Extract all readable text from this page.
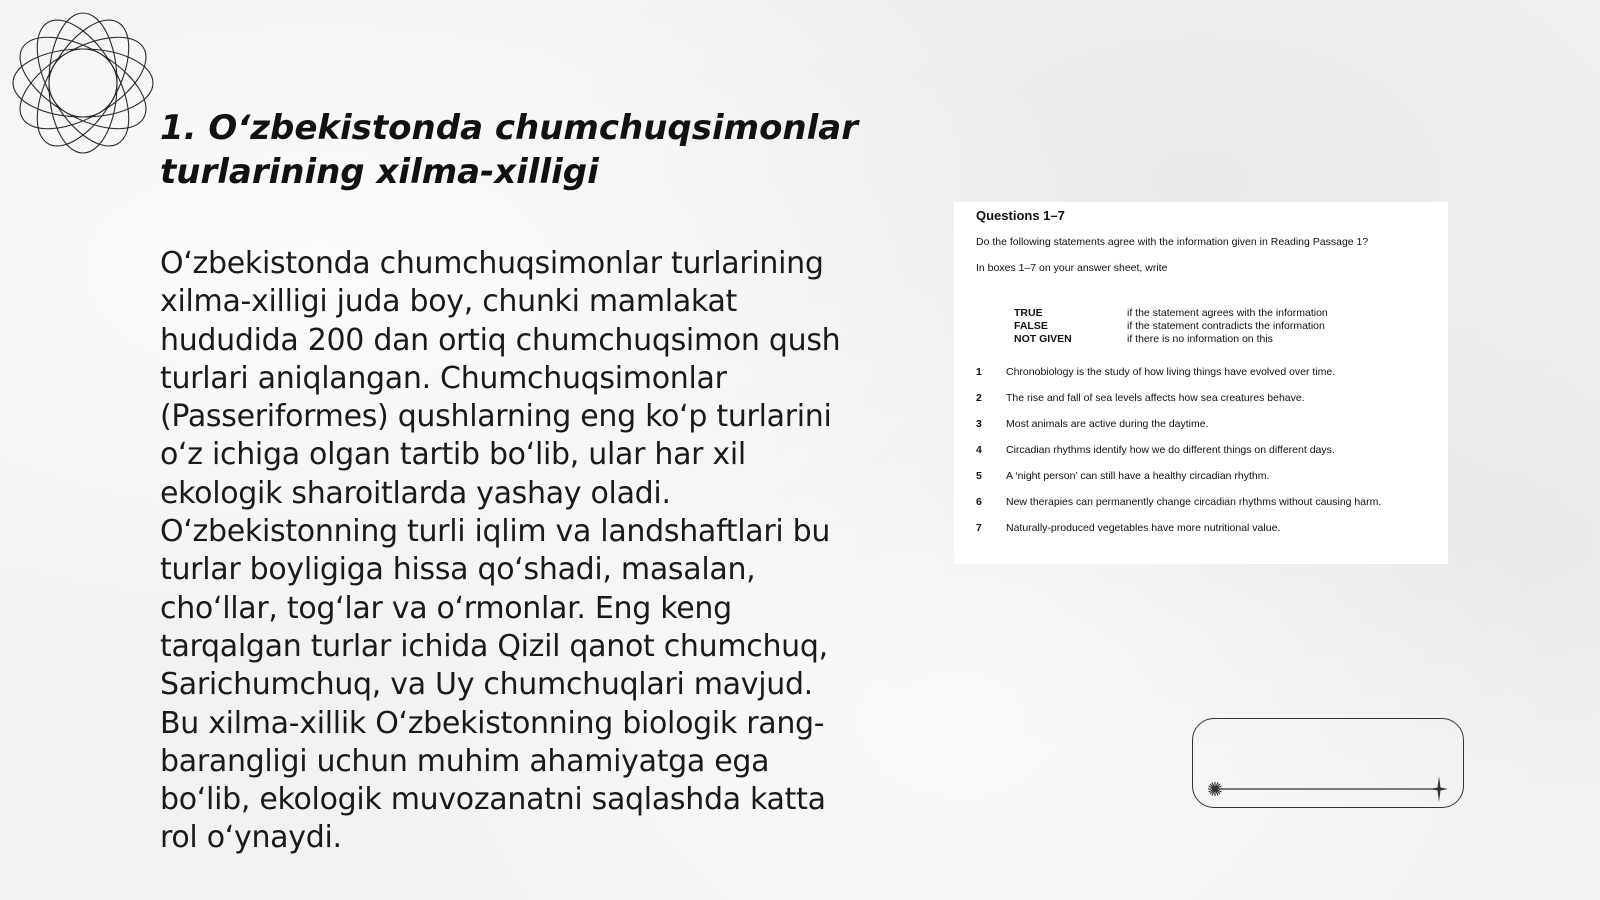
1. O‘zbekistonda chumchuqsimonlar turlarining xilma-xilligi

O‘zbekistonda chumchuqsimonlar turlarining xilma-xilligi juda boy, chunki mamlakat hududida 200 dan ortiq chumchuqsimon qush turlari aniqlangan. Chumchuqsimonlar (Passeriformes) qushlarning eng ko‘p turlarini o‘z ichiga olgan tartib bo‘lib, ular har xil ekologik sharoitlarda yashay oladi. O‘zbekistonning turli iqlim va landshaftlari bu turlar boyligiga hissa qo‘shadi, masalan, cho‘llar, tog‘lar va o‘rmonlar. Eng keng tarqalgan turlar ichida Qizil qanot chumchuq, Sarichumchuq, va Uy chumchuqlari mavjud. Bu xilma-xillik O‘zbekistonning biologik rang-barangligi uchun muhim ahamiyatga ega bo‘lib, ekologik muvozanatni saqlashda katta rol o‘ynaydi.

Questions 1–7
Do the following statements agree with the information given in Reading Passage 1?
In boxes 1–7 on your answer sheet, write
TRUE	if the statement agrees with the information
FALSE	if the statement contradicts the information
NOT GIVEN	if there is no information on this
1 Chronobiology is the study of how living things have evolved over time.
2 The rise and fall of sea levels affects how sea creatures behave.
3 Most animals are active during the daytime.
4 Circadian rhythms identify how we do different things on different days.
5 A ‘night person’ can still have a healthy circadian rhythm.
6 New therapies can permanently change circadian rhythms without causing harm.
7 Naturally-produced vegetables have more nutritional value.
